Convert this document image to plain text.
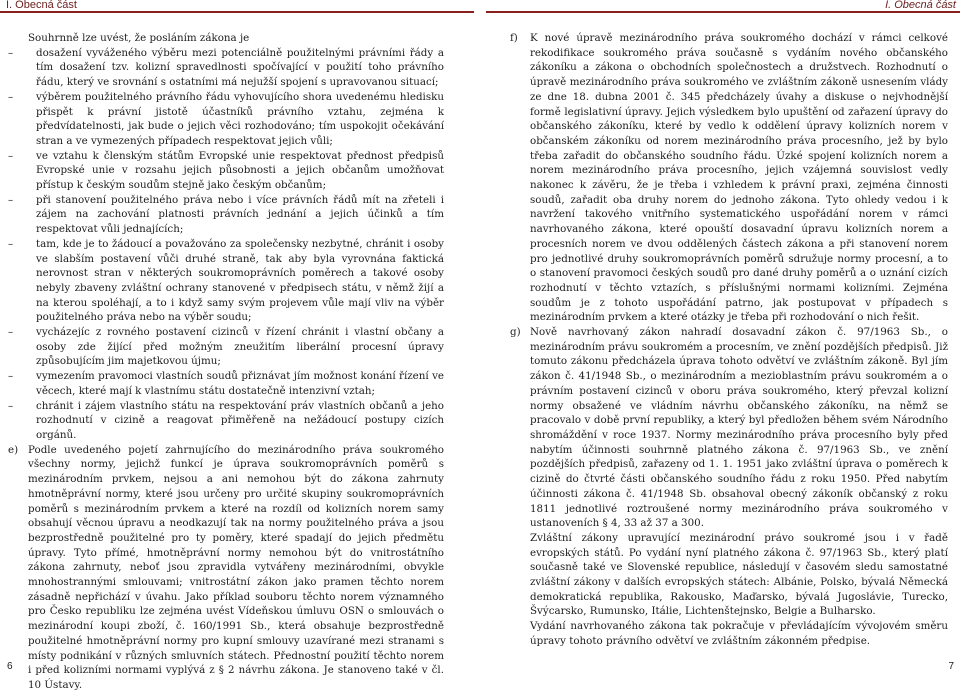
I. Obecná část	I. Obecná část

Souhrnně lze uvést, že posláním zákona je

– dosažení vyváženého výběru mezi potenciálně použitelnými právními řády a tím dosažení tzv. kolizní spravedlnosti spočívající v použití toho právního řádu, který ve srovnání s ostatními má nejužší spojení s upravovanou situací;

– výběrem použitelného právního řádu vyhovujícího shora uvedenému hledisku přispět k právní jistotě účastníků právního vztahu, zejména k předvídatelnosti, jak bude o jejich věci rozhodováno; tím uspokojit očekávání stran a ve vymezených případech respektovat jejich vůli;

– ve vztahu k členským státům Evropské unie respektovat přednost předpisů Evropské unie v rozsahu jejich působnosti a jejich občanům umožňovat přístup k českým soudům stejně jako českým občanům;

– při stanovení použitelného práva nebo i více právních řádů mít na zřeteli i zájem na zachování platnosti právních jednání a jejich účinků a tím respektovat vůli jednajících;

– tam, kde je to žádoucí a považováno za společensky nezbytné, chránit i osoby ve slabším postavení vůči druhé straně, tak aby byla vyrovnána faktická nerovnost stran v některých soukromoprávních poměrech a takové osoby nebyly zbaveny zvláštní ochrany stanovené v předpisech státu, v němž žijí a na kterou spoléhají, a to i když samy svým projevem vůle mají vliv na výběr použitelného práva nebo na výběr soudu;

– vycházejíc z rovného postavení cizinců v řízení chránit i vlastní občany a osoby zde žijící před možným zneužitím liberální procesní úpravy způsobujícím jim majetkovou újmu;

– vymezením pravomoci vlastních soudů přiznávat jím možnost konání řízení ve věcech, které mají k vlastnímu státu dostatečně intenzivní vztah;

– chránit i zájem vlastního státu na respektování práv vlastních občanů a jeho rozhodnutí v cizině a reagovat přiměřeně na nežádoucí postupy cizích orgánů.

e) Podle uvedeného pojetí zahrnujícího do mezinárodního práva soukromého všechny normy, jejichž funkcí je úprava soukromoprávních poměrů s mezinárodním prvkem, nejsou a ani nemohou být do zákona zahrnuty hmotněprávní normy, které jsou určeny pro určité skupiny soukromoprávních poměrů s mezinárodním prvkem a které na rozdíl od kolizních norem samy obsahují věcnou úpravu a neodkazují tak na normy použitelného práva a jsou bezprostředně použitelné pro ty poměry, které spadají do jejich předmětu úpravy. Tyto přímé, hmotněprávní normy nemohou být do vnitrostátního zákona zahrnuty, neboť jsou zpravidla vytvářeny mezinárodními, obvykle mnohostrannými smlouvami; vnitrostátní zákon jako pramen těchto norem zásadně nepřichází v úvahu. Jako příklad souboru těchto norem významného pro Česko republiku lze zejména uvést Vídeňskou úmluvu OSN o smlouvách o mezinárodní koupi zboží, č. 160/1991 Sb., která obsahuje bezprostředně použitelné hmotněprávní normy pro kupní smlouvy uzavírané mezi stranami s místy podnikání v různých smluvních státech. Přednostní použití těchto norem i před kolizními normami vyplývá z § 2 návrhu zákona. Je stanoveno také v čl. 10 Ústavy.
f) K nové úpravě mezinárodního práva soukromého dochází v rámci celkové rekodifikace soukromého práva současně s vydáním nového občanského zákoníku a zákona o obchodních společnostech a družstvech. Rozhodnutí o úpravě mezinárodního práva soukromého ve zvláštním zákoně usnesením vlády ze dne 18. dubna 2001 č. 345 předcházely úvahy a diskuse o nejvhodnější formě legislativní úpravy. Jejich výsledkem bylo upuštění od zařazení úpravy do občanského zákoníku, které by vedlo k oddělení úpravy kolizních norem v občanském zákoníku od norem mezinárodního práva procesního, jež by bylo třeba zařadit do občanského soudního řádu. Úzké spojení kolizních norem a norem mezinárodního práva procesního, jejich vzájemná souvislost vedly nakonec k závěru, že je třeba i vzhledem k právní praxi, zejména činnosti soudů, zařadit oba druhy norem do jednoho zákona. Tyto ohledy vedou i k navržení takového vnitřního systematického uspořádání norem v rámci navrhovaného zákona, které opouští dosavadní úpravu kolizních norem a procesních norem ve dvou oddělených částech zákona a při stanovení norem pro jednotlivé druhy soukromoprávních poměrů sdružuje normy procesní, a to o stanovení pravomoci českých soudů pro dané druhy poměrů a o uznání cizích rozhodnutí v těchto vztazích, s příslušnými normami kolizními. Zejména soudům je z tohoto uspořádání patrno, jak postupovat v případech s mezinárodním prvkem a které otázky je třeba při rozhodování o nich řešit.
g) Nově navrhovaný zákon nahradí dosavadní zákon č. 97/1963 Sb., o mezinárodním právu soukromém a procesním, ve znění pozdějších předpisů. Již tomuto zákonu předcházela úprava tohoto odvětví ve zvláštním zákoně. Byl jím zákon č. 41/1948 Sb., o mezinárodním a mezioblastním právu soukromém a o právním postavení cizinců v oboru práva soukromého, který převzal kolizní normy obsažené ve vládním návrhu občanského zákoníku, na němž se pracovalo v době první republiky, a který byl předložen během svém Národního shromáždění v roce 1937. Normy mezinárodního práva procesního byly před nabytím účinnosti souhrnně platného zákona č. 97/1963 Sb., ve znění pozdějších předpisů, zařazeny od 1. 1. 1951 jako zvláštní úprava o poměrech k cizině do čtvrté části občanského soudního řádu z roku 1950. Před nabytím účinnosti zákona č. 41/1948 Sb. obsahoval obecný zákoník občanský z roku 1811 jednotlivé roztroušené normy mezinárodního práva soukromého v ustanoveních § 4, 33 až 37 a 300.

Zvláštní zákony upravující mezinárodní právo soukromé jsou i v řadě evropských států. Po vydání nyní platného zákona č. 97/1963 Sb., který platí současně také ve Slovenské republice, následují v časovém sledu samostatné zvláštní zákony v dalších evropských státech: Albánie, Polsko, bývalá Německá demokratická republika, Rakousko, Maďarsko, bývalá Jugoslávie, Turecko, Švýcarsko, Rumunsko, Itálie, Lichtenštejnsko, Belgie a Bulharsko.

Vydání navrhovaného zákona tak pokračuje v převládajícím vývojovém směru úpravy tohoto právního odvětví ve zvláštním zákonném předpise.

6	7
